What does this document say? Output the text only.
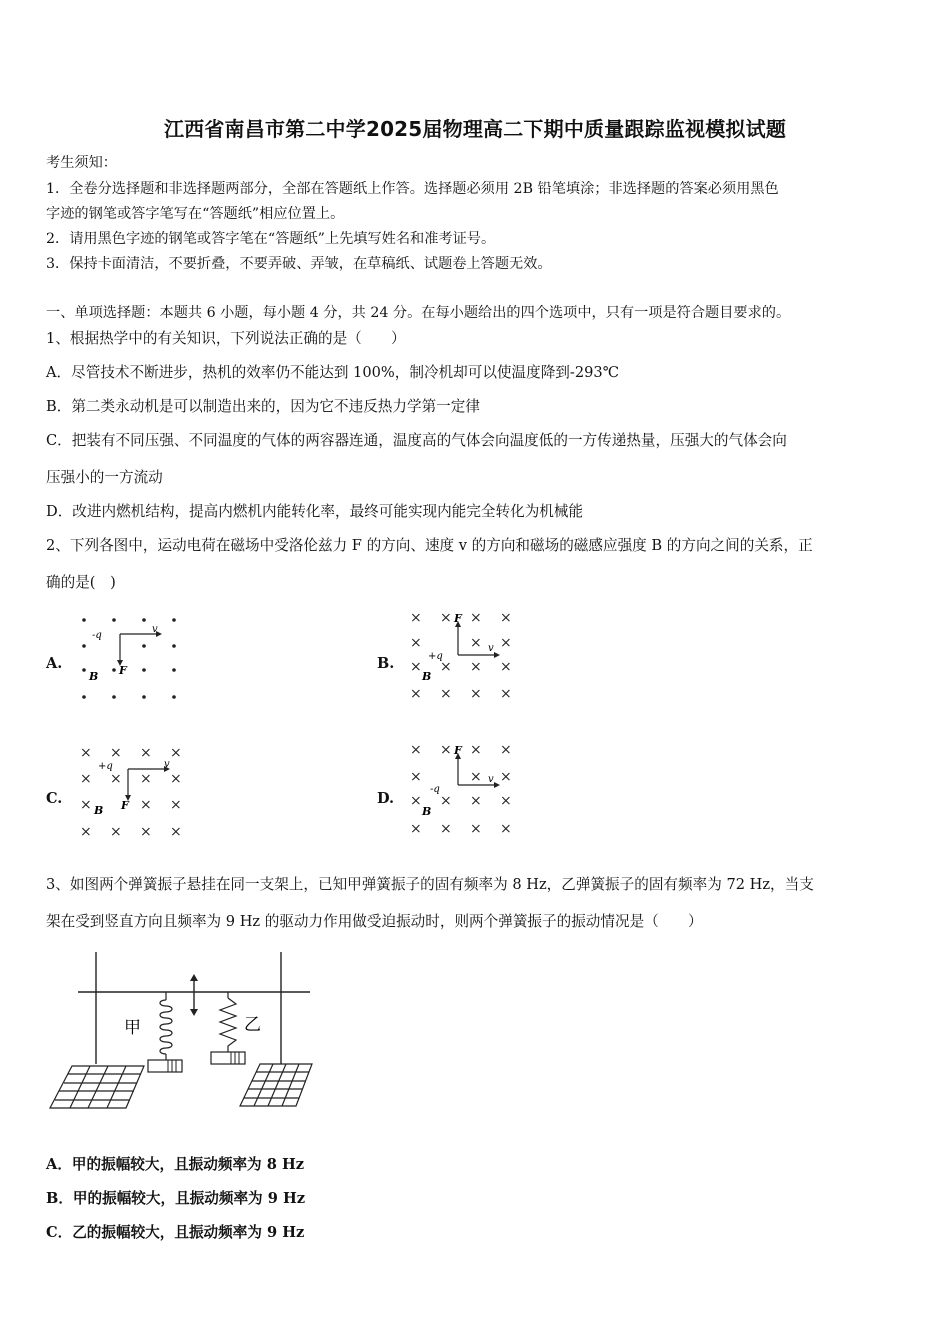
江西省南昌市第二中学2025届物理高二下期中质量跟踪监视模拟试题
考生须知：
1．全卷分选择题和非选择题两部分，全部在答题纸上作答。选择题必须用 2B 铅笔填涂；非选择题的答案必须用黑色
字迹的钢笔或答字笔写在“答题纸”相应位置上。
2．请用黑色字迹的钢笔或答字笔在“答题纸”上先填写姓名和准考证号。
3．保持卡面清洁，不要折叠，不要弄破、弄皱，在草稿纸、试题卷上答题无效。
一、单项选择题：本题共 6 小题，每小题 4 分，共 24 分。在每小题给出的四个选项中，只有一项是符合题目要求的。
1、根据热学中的有关知识，下列说法正确的是（　　）
A．尽管技术不断进步，热机的效率仍不能达到 100%，制冷机却可以使温度降到-293℃
B．第二类永动机是可以制造出来的，因为它不违反热力学第一定律
C．把装有不同压强、不同温度的气体的两容器连通，温度高的气体会向温度低的一方传递热量，压强大的气体会向
压强小的一方流动
D．改进内燃机结构，提高内燃机内能转化率，最终可能实现内能完全转化为机械能
2、下列各图中，运动电荷在磁场中受洛伦兹力 F 的方向、速度 v 的方向和磁场的磁感应强度 B 的方向之间的关系，正
确的是(　)
A.	B.
C.	D.
-q
v
F
B
× × × ×
×	× ×
× × × ×
× × × ×
F
v
+q
B
× × × ×
× × × ×
×	× ×
× × × ×
+q	v
F
B
× × × ×
×	× ×
× × × ×
× × × ×
F
v
-q
B
3、如图两个弹簧振子悬挂在同一支架上，已知甲弹簧振子的固有频率为 8 Hz，乙弹簧振子的固有频率为 72 Hz，当支
架在受到竖直方向且频率为 9 Hz 的驱动力作用做受迫振动时，则两个弹簧振子的振动情况是（　　）
甲	乙
A．甲的振幅较大，且振动频率为 8 Hz
B．甲的振幅较大，且振动频率为 9 Hz
C．乙的振幅较大，且振动频率为 9 Hz
